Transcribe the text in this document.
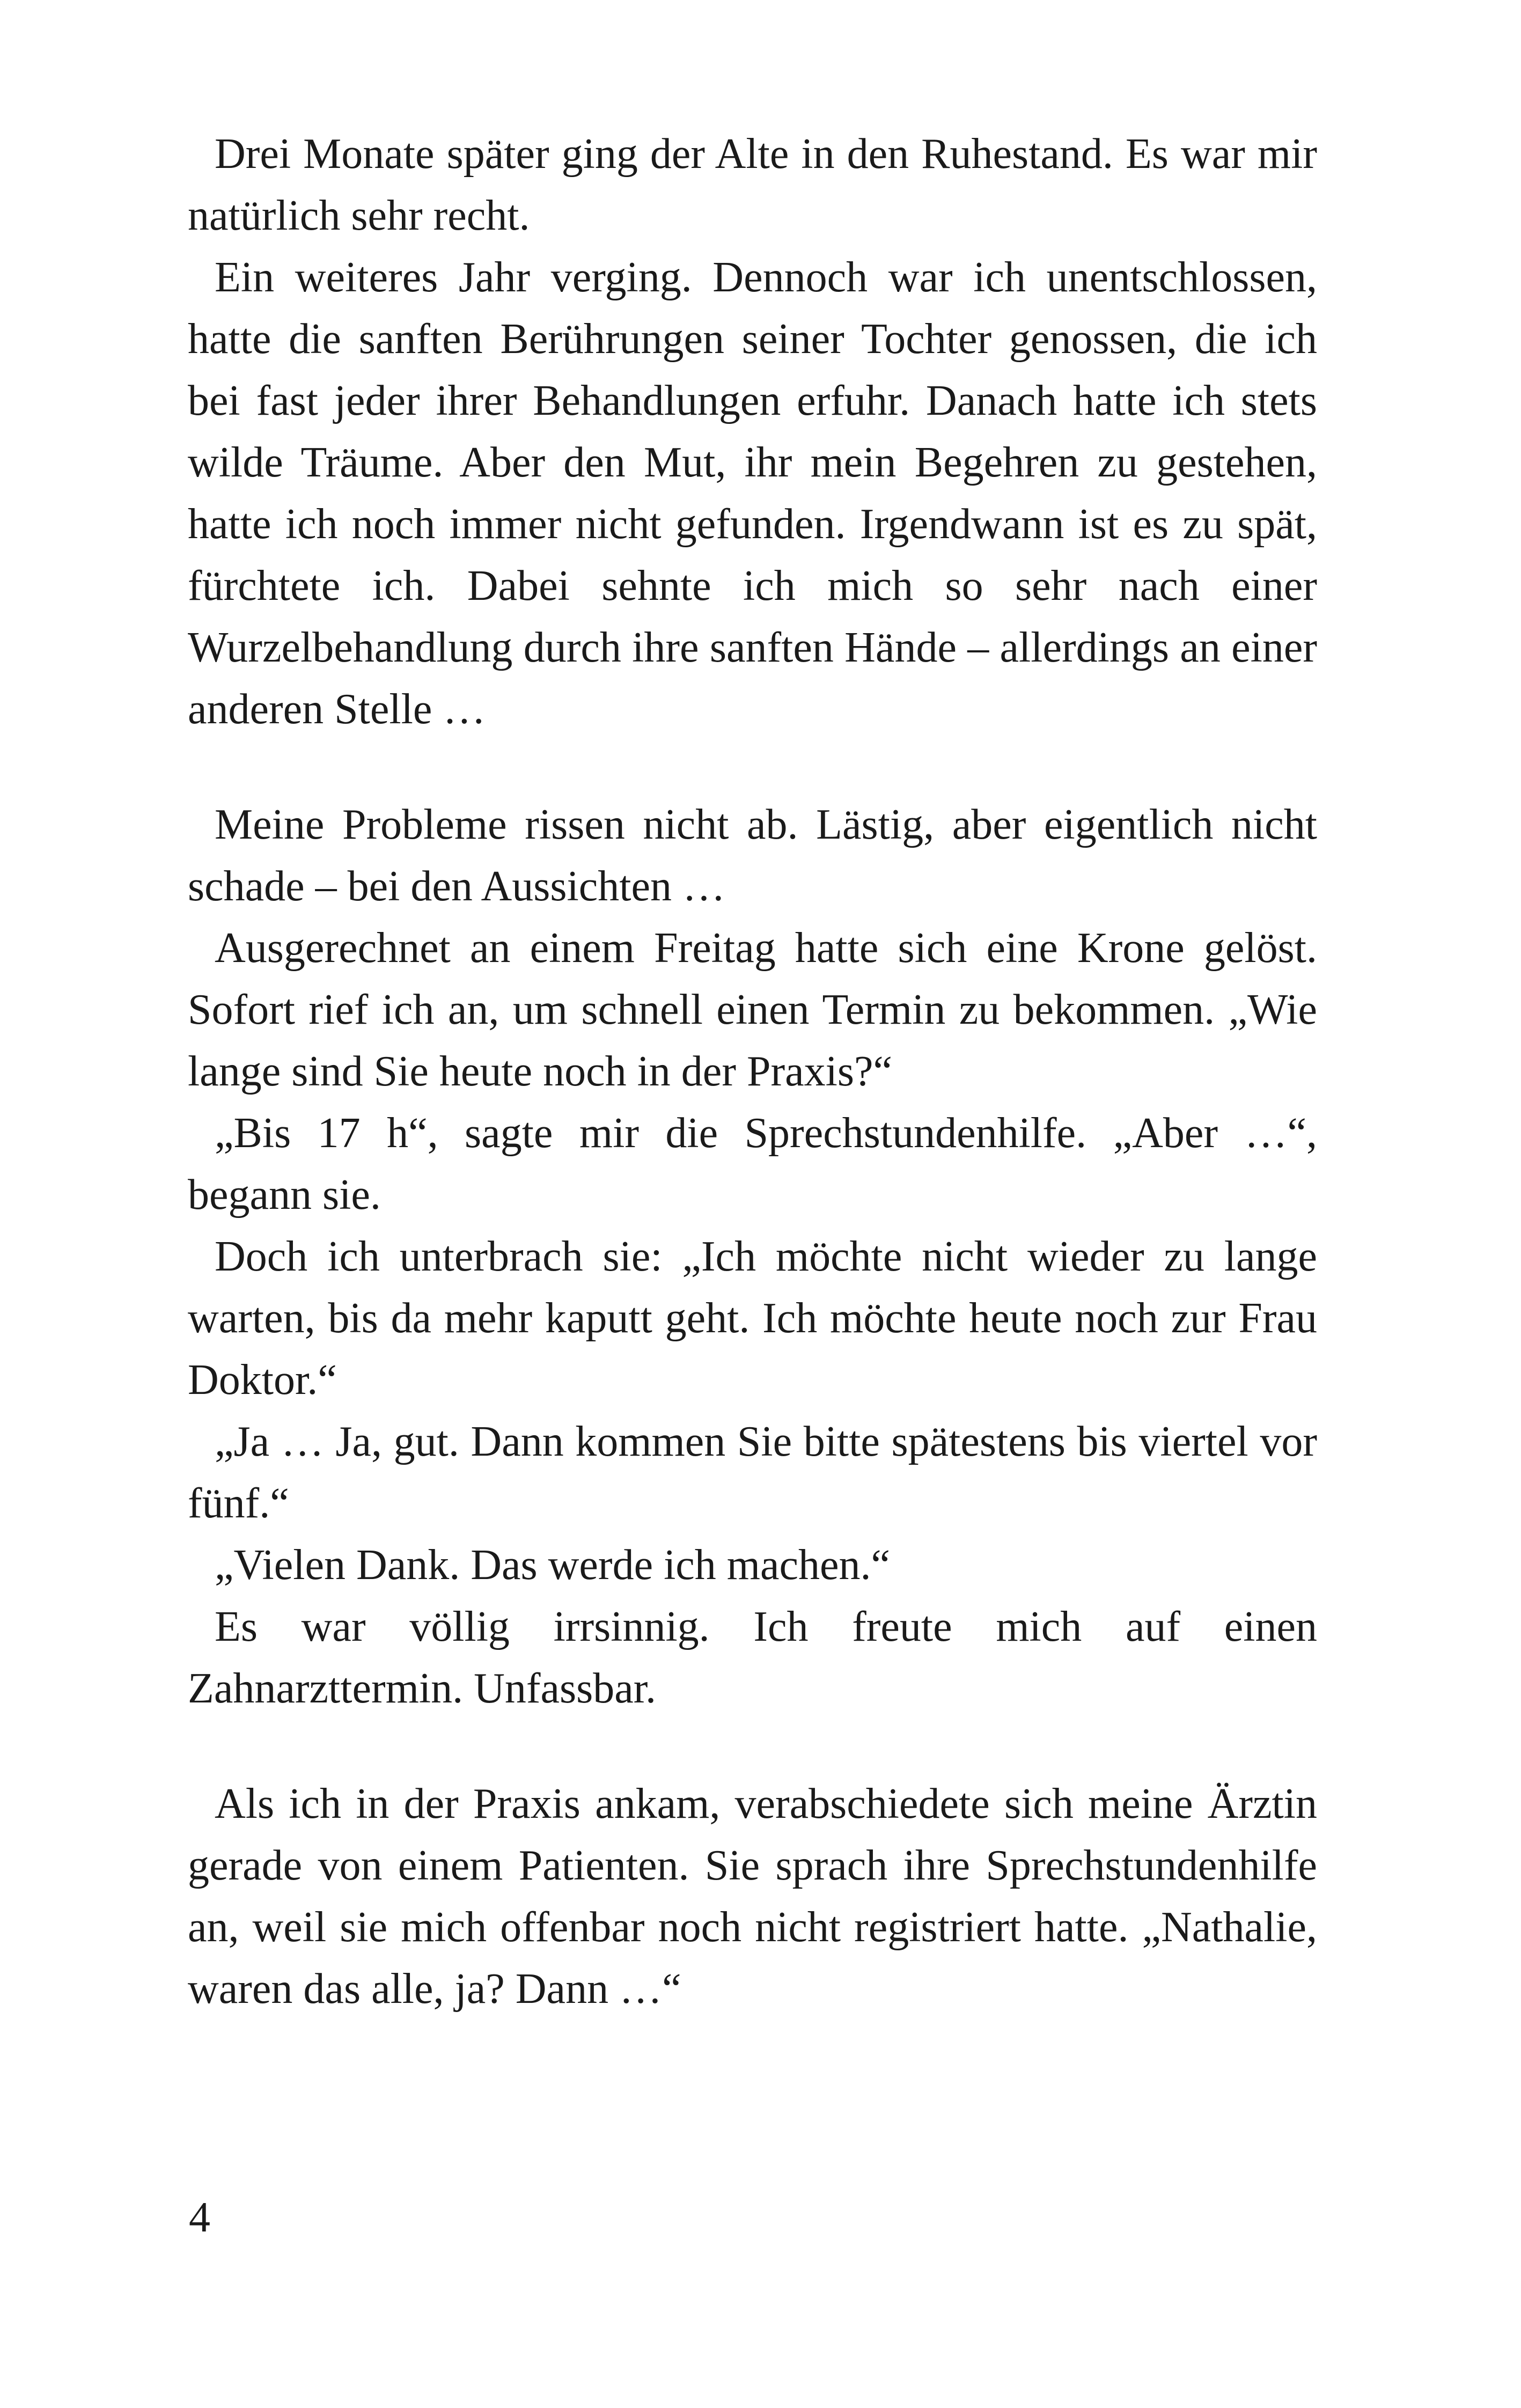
Drei Monate später ging der Alte in den Ruhestand. Es war mir natürlich sehr recht.

Ein weiteres Jahr verging. Dennoch war ich unentschlossen, hatte die sanften Berührungen seiner Tochter genossen, die ich bei fast jeder ihrer Behandlungen erfuhr. Danach hatte ich stets wilde Träume. Aber den Mut, ihr mein Begehren zu gestehen, hatte ich noch immer nicht gefunden. Irgendwann ist es zu spät, fürchtete ich. Dabei sehnte ich mich so sehr nach einer Wurzelbehandlung durch ihre sanften Hände – allerdings an einer anderen Stelle …

Meine Probleme rissen nicht ab. Lästig, aber eigentlich nicht schade – bei den Aussichten …

Ausgerechnet an einem Freitag hatte sich eine Krone gelöst. Sofort rief ich an, um schnell einen Termin zu bekommen. „Wie lange sind Sie heute noch in der Praxis?“

„Bis 17 h“, sagte mir die Sprechstundenhilfe. „Aber …“, begann sie.

Doch ich unterbrach sie: „Ich möchte nicht wieder zu lange warten, bis da mehr kaputt geht. Ich möchte heute noch zur Frau Doktor.“

„Ja … Ja, gut. Dann kommen Sie bitte spätestens bis viertel vor fünf.“

„Vielen Dank. Das werde ich machen.“

Es war völlig irrsinnig. Ich freute mich auf einen Zahnarzttermin. Unfassbar.

Als ich in der Praxis ankam, verabschiedete sich meine Ärztin gerade von einem Patienten. Sie sprach ihre Sprechstundenhilfe an, weil sie mich offenbar noch nicht registriert hatte. „Nathalie, waren das alle, ja? Dann …“

4
